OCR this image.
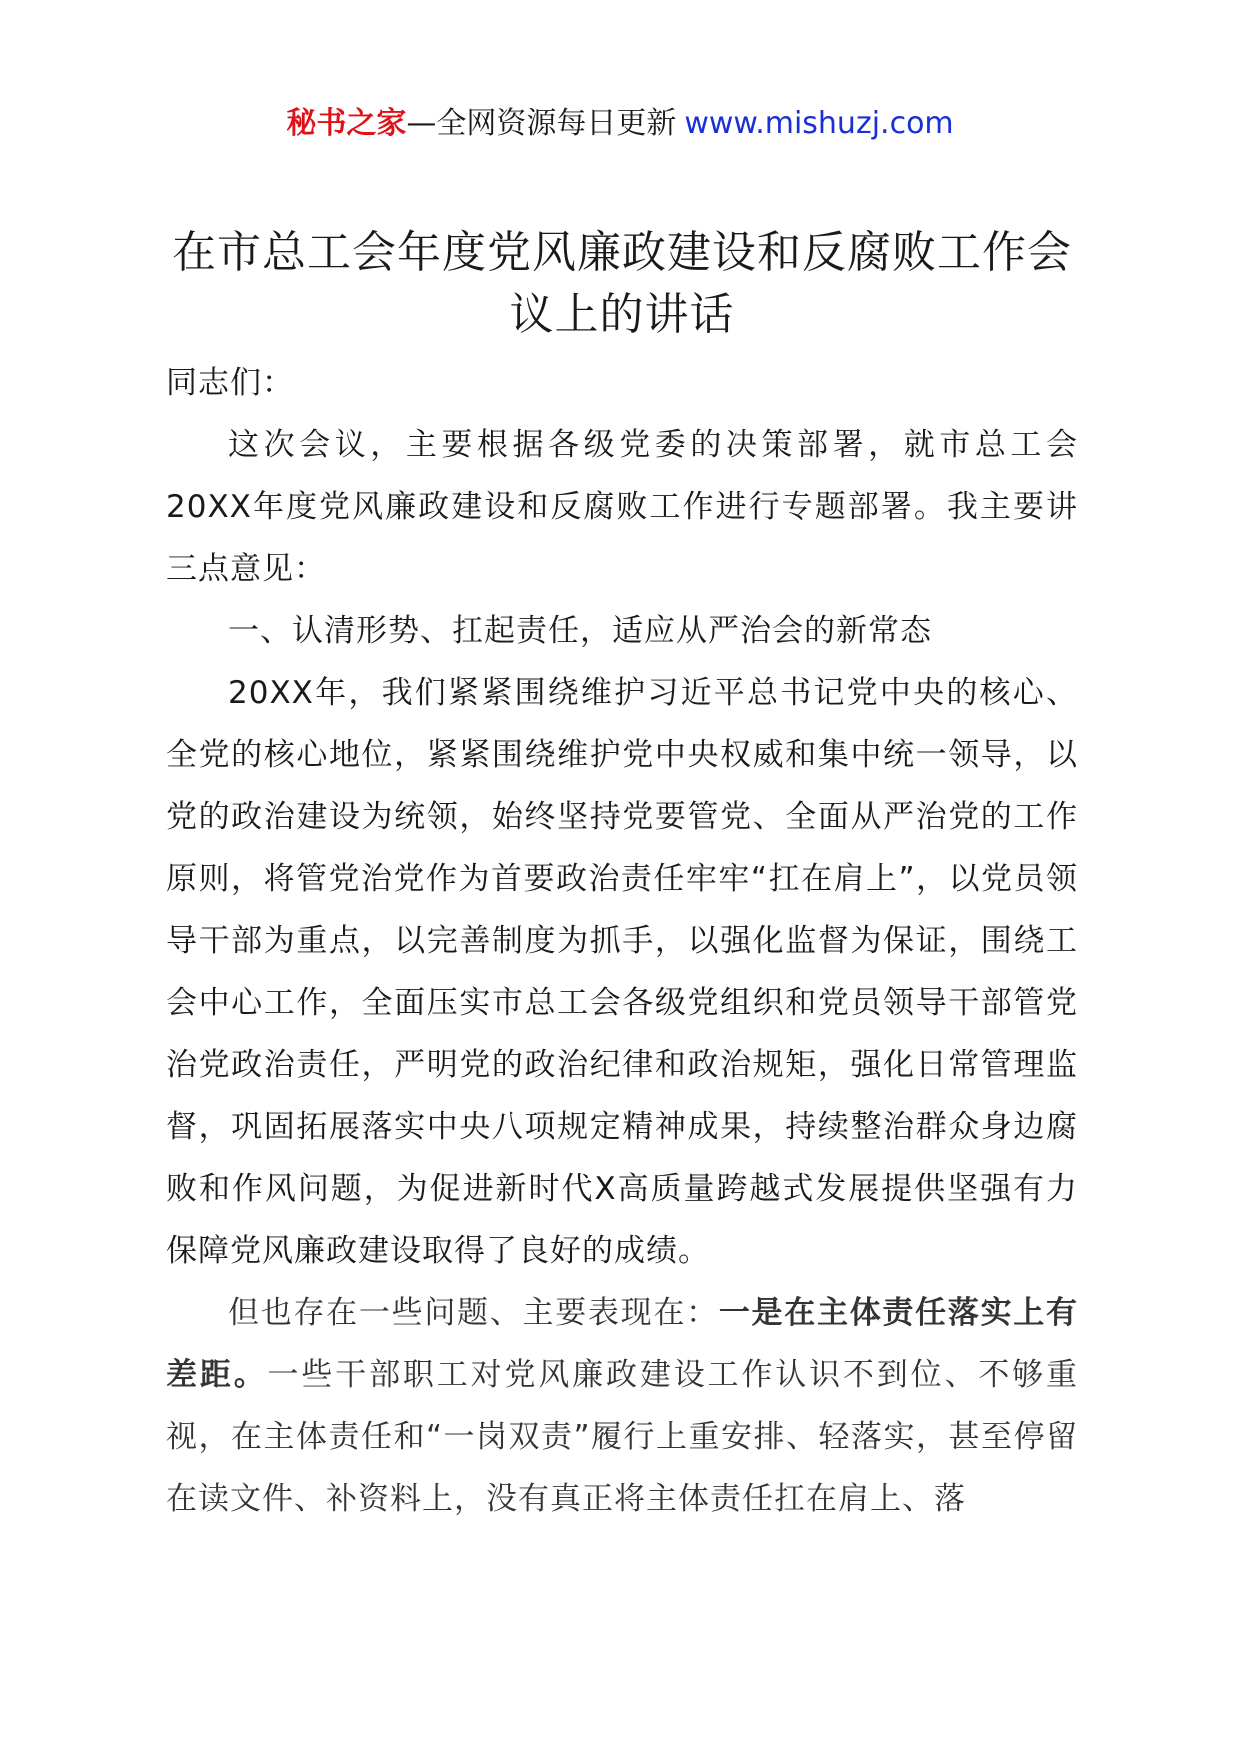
秘书之家—全网资源每日更新 www.mishuzj.com
在市总工会年度党风廉政建设和反腐败工作会
议上的讲话

同志们：

这次会议，主要根据各级党委的决策部署，就市总工会20XX年度党风廉政建设和反腐败工作进行专题部署。我主要讲三点意见：

一、认清形势、扛起责任，适应从严治会的新常态

20XX年，我们紧紧围绕维护习近平总书记党中央的核心、全党的核心地位，紧紧围绕维护党中央权威和集中统一领导，以党的政治建设为统领，始终坚持党要管党、全面从严治党的工作原则，将管党治党作为首要政治责任牢牢“扛在肩上”，以党员领导干部为重点，以完善制度为抓手，以强化监督为保证，围绕工会中心工作，全面压实市总工会各级党组织和党员领导干部管党治党政治责任，严明党的政治纪律和政治规矩，强化日常管理监督，巩固拓展落实中央八项规定精神成果，持续整治群众身边腐败和作风问题，为促进新时代X高质量跨越式发展提供坚强有力保障党风廉政建设取得了良好的成绩。

但也存在一些问题、主要表现在：一是在主体责任落实上有差距。一些干部职工对党风廉政建设工作认识不到位、不够重视，在主体责任和“一岗双责”履行上重安排、轻落实，甚至停留在读文件、补资料上，没有真正将主体责任扛在肩上、落
